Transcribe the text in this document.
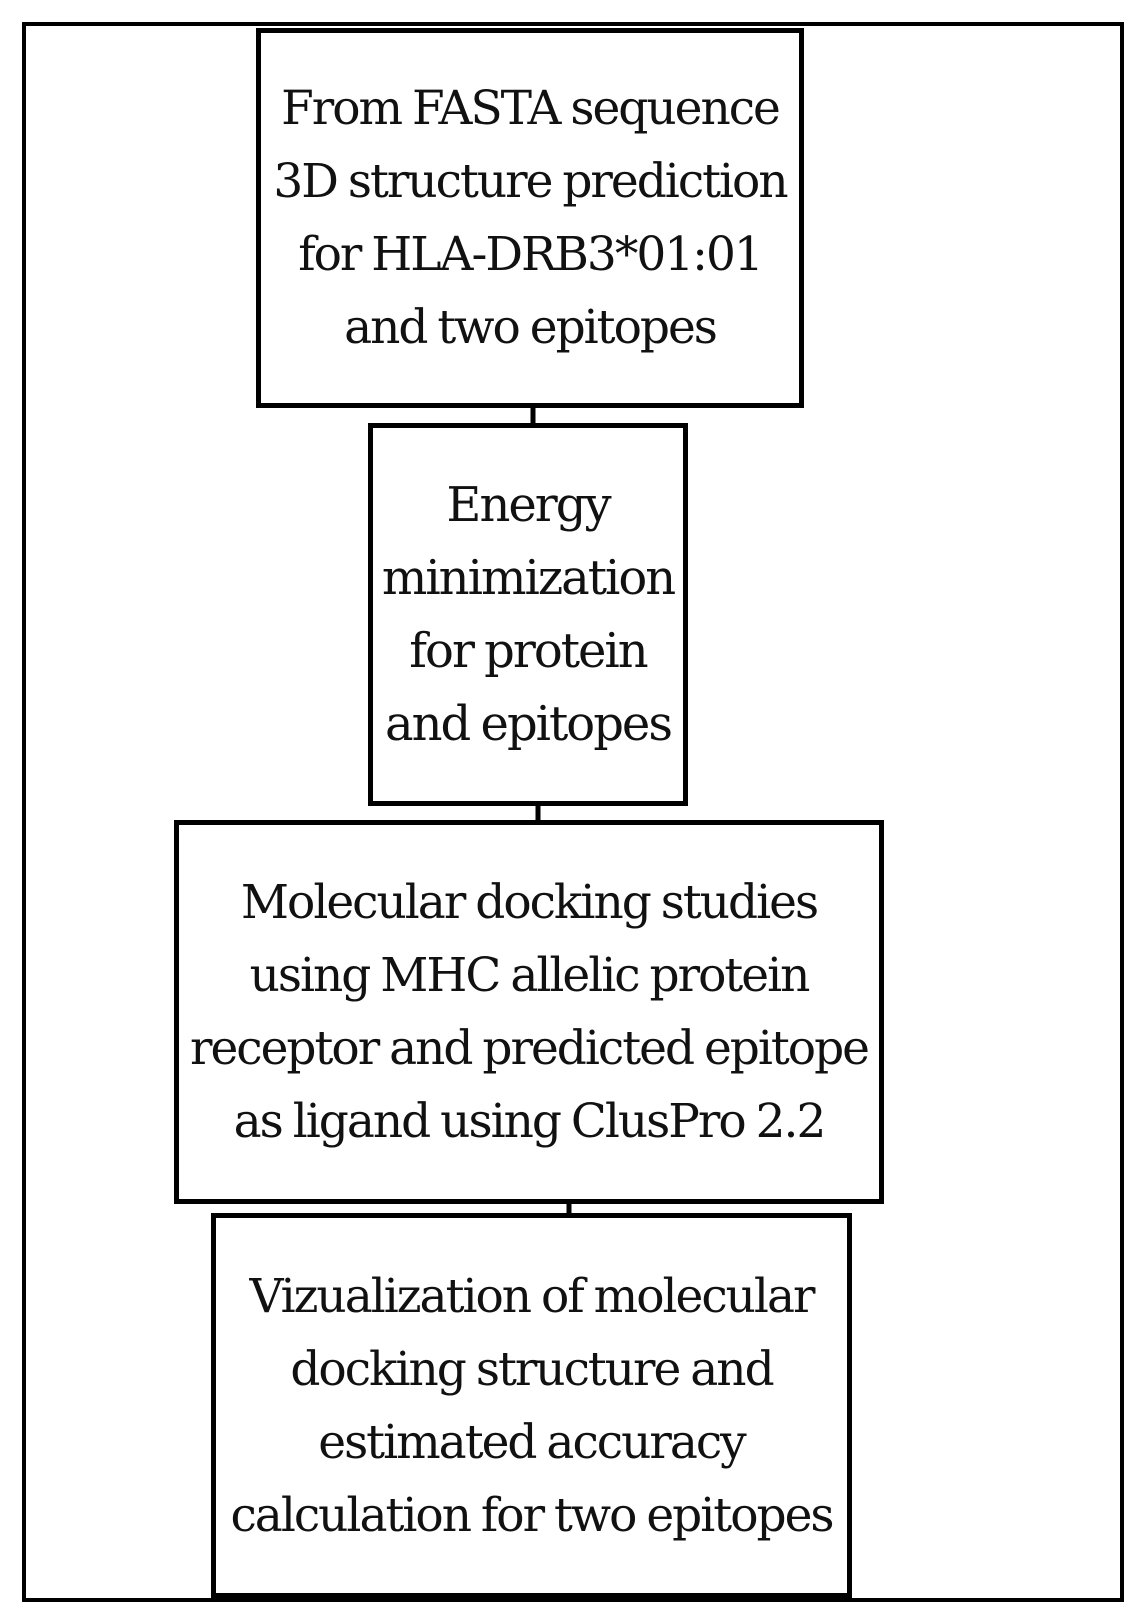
From FASTA sequence
3D structure prediction
for HLA-DRB3*01:01
and two epitopes
Energy
minimization
for protein
and epitopes
Molecular docking studies
using MHC allelic protein
receptor and predicted epitope
as ligand using ClusPro 2.2
Vizualization of molecular
docking structure and
estimated accuracy
calculation for two epitopes
